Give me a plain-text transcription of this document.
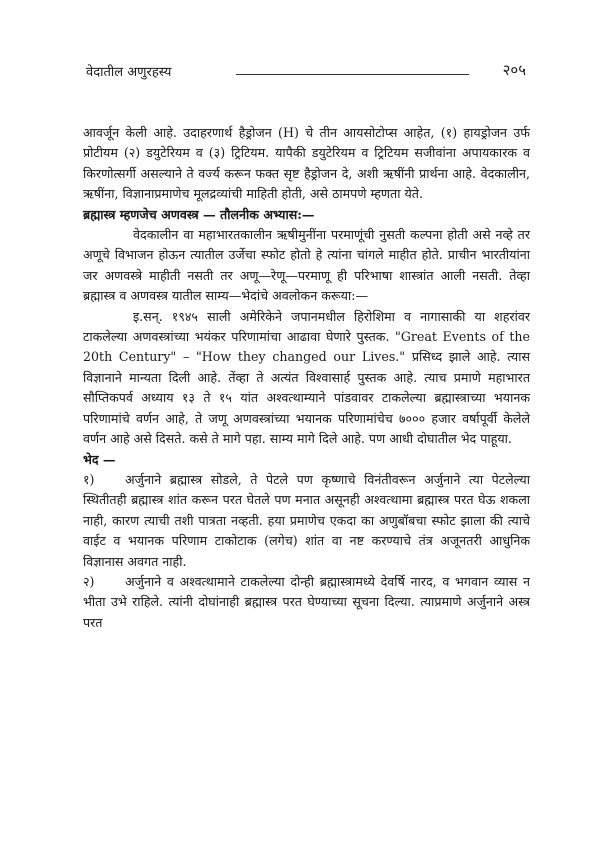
वेदातील अणुरहस्य	२०५

आवर्जून केली आहे. उदाहरणार्थ हैड्रोजन (H) चे तीन आयसोटोप्स आहेत, (१) हायड्रोजन उर्फ प्रोटीयम (२) डयुटेरियम व (३) ट्रिटियम. यापैकी डयुटेरियम व ट्रिटियम सजीवांना अपायकारक व किरणोत्सर्गी असल्याने ते वर्ज्य करून फक्त सृष्ट हैड्रोजन दे, अशी ऋषींनी प्रार्थना आहे. वेदकालीन, ऋषींना, विज्ञानाप्रमाणेच मूलद्रव्यांची माहिती होती, असे ठामपणे म्हणता येते.

ब्रह्मास्त्र म्हणजेच अणवस्त्र — तौलनीक अभ्यास:—

वेदकालीन वा महाभारतकालीन ऋषीमुनींना परमाणूंची नुसती कल्पना होती असे नव्हे तर अणूचे विभाजन होऊन त्यातील उर्जेचा स्फोट होतो हे त्यांना चांगले माहीत होते. प्राचीन भारतीयांना जर अणवस्त्रे माहीती नसती तर अणू—रेणू—परमाणू ही परिभाषा शास्त्रांत आली नसती. तेव्हा ब्रह्मास्त्र व अणवस्त्र यातील साम्य—भेदांचे अवलोकन करूया:—

इ.सन्. १९४५ साली अमेरिकेने जपानमधील हिरोशिमा व नागासाकी या शहरांवर टाकलेल्या अणवस्त्रांच्या भयंकर परिणामांचा आढावा घेणारे पुस्तक. "Great Events of the 20th Century" – "How they changed our Lives." प्रसिध्द झाले आहे. त्यास विज्ञानाने मान्यता दिली आहे. तेंव्हा ते अत्यंत विश्वासार्ह पुस्तक आहे. त्याच प्रमाणे महाभारत सौप्तिकपर्व अध्याय १३ ते १५ यांत अश्वत्थाम्याने पांडवावर टाकलेल्या ब्रह्मास्त्राच्या भयानक परिणामांचे वर्णन आहे, ते जणू अणवस्त्रांच्या भयानक परिणामांचेच ७००० हजार वर्षापूर्वी केलेले वर्णन आहे असे दिसते. कसे ते मागे पहा. साम्य मागे दिले आहे. पण आधी दोघातील भेद पाहूया.

भेद —

१) अर्जुनाने ब्रह्मास्त्र सोडले, ते पेटले पण कृष्णाचे विनंतीवरून अर्जुनाने त्या पेटलेल्या स्थितीतही ब्रह्मास्त्र शांत करून परत घेतले पण मनात असूनही अश्वत्थामा ब्रह्मास्त्र परत घेऊ शकला नाही, कारण त्याची तशी पात्रता नव्हती. हया प्रमाणेच एकदा का अणुबॉबचा स्फोट झाला की त्याचे वाईट व भयानक परिणाम टाकोटाक (लगेच) शांत वा नष्ट करण्याचे तंत्र अजूनतरी आधुनिक विज्ञानास अवगत नाही.

२) अर्जुनाने व अश्वत्थामाने टाकलेल्या दोन्ही ब्रह्मास्त्रामध्ये देवर्षि नारद, व भगवान व्यास न भीता उभे राहिले. त्यांनी दोघांनाही ब्रह्मास्त्र परत घेण्याच्या सूचना दिल्या. त्याप्रमाणे अर्जुनाने अस्त्र परत
